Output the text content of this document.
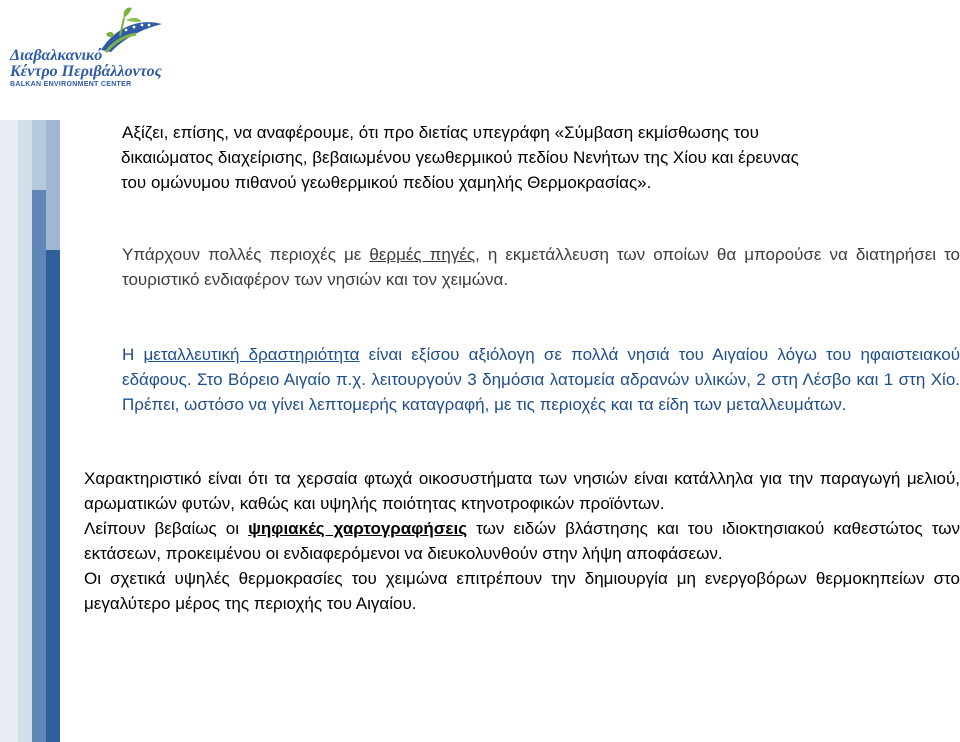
Διαβαλκανικό
Κέντρο Περιβάλλοντος
BALKAN ENVIRONMENT CENTER
Αξίζει, επίσης, να αναφέρουμε, ότι προ διετίας υπεγράφη «Σύμβαση εκμίσθωσης του
δικαιώματος διαχείρισης, βεβαιωμένου γεωθερμικού πεδίου Νενήτων της Χίου και έρευνας
του ομώνυμου πιθανού γεωθερμικού πεδίου χαμηλής Θερμοκρασίας».
Υπάρχουν πολλές περιοχές με θερμές πηγές, η εκμετάλλευση των οποίων θα μπορούσε να διατηρήσει το τουριστικό ενδιαφέρον των νησιών και τον χειμώνα.
Η μεταλλευτική δραστηριότητα είναι εξίσου αξιόλογη σε πολλά νησιά του Αιγαίου λόγω του ηφαιστειακού εδάφους. Στο Βόρειο Αιγαίο π.χ. λειτουργούν 3 δημόσια λατομεία αδρανών υλικών, 2 στη Λέσβο και 1 στη Χίο. Πρέπει, ωστόσο να γίνει λεπτομερής καταγραφή, με τις περιοχές και τα είδη των μεταλλευμάτων.

Χαρακτηριστικό είναι ότι τα χερσαία φτωχά οικοσυστήματα των νησιών είναι κατάλληλα για την παραγωγή μελιού, αρωματικών φυτών, καθώς και υψηλής ποιότητας κτηνοτροφικών προϊόντων.

Λείπουν βεβαίως οι ψηφιακές χαρτογραφήσεις των ειδών βλάστησης και του ιδιοκτησιακού καθεστώτος των εκτάσεων, προκειμένου οι ενδιαφερόμενοι να διευκολυνθούν στην λήψη αποφάσεων.

Οι σχετικά υψηλές θερμοκρασίες του χειμώνα επιτρέπουν την δημιουργία μη ενεργοβόρων θερμοκηπείων στο μεγαλύτερο μέρος της περιοχής του Αιγαίου.
